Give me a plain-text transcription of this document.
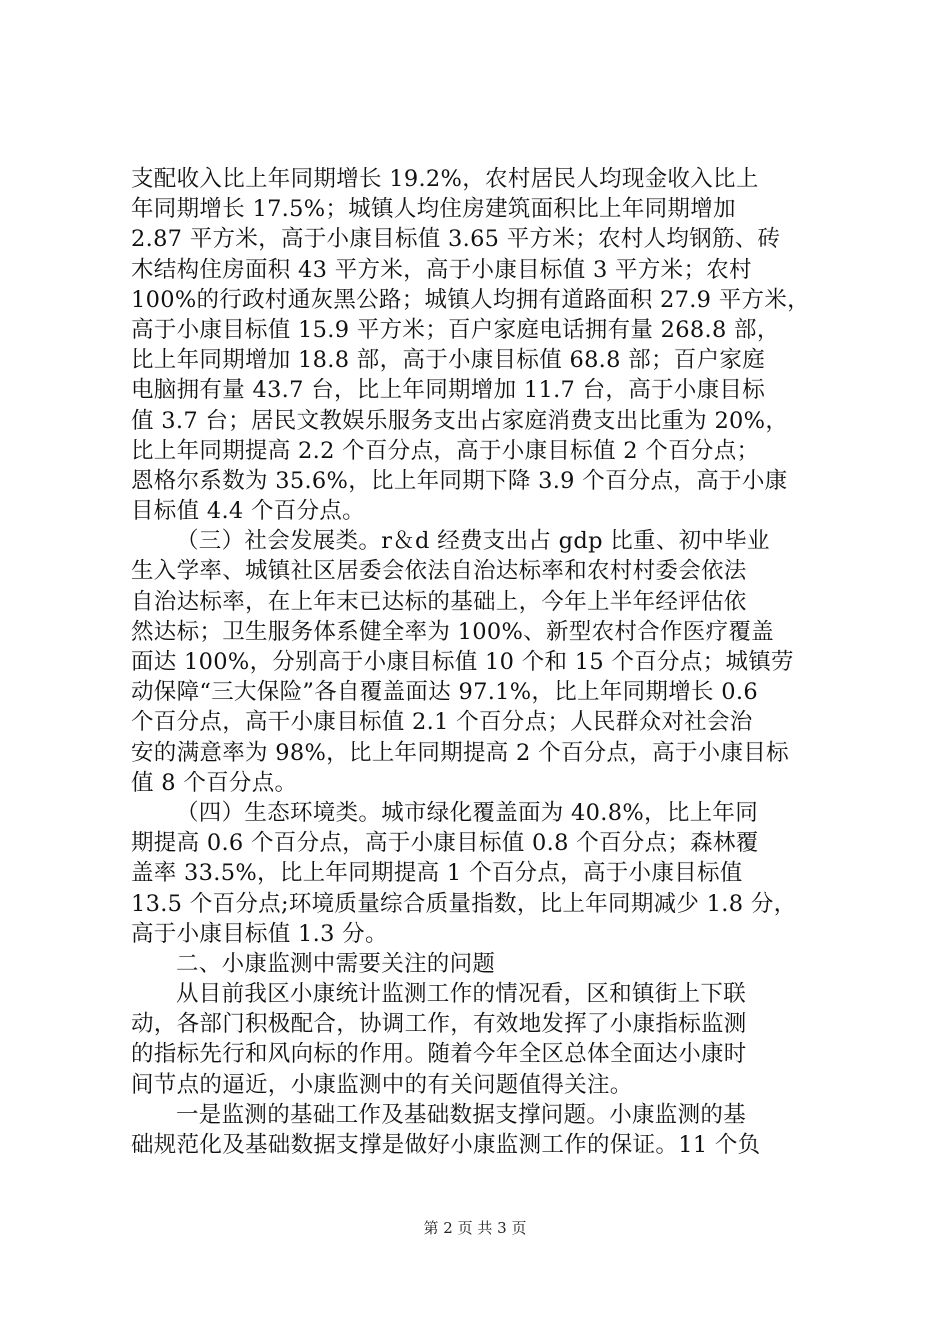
支配收入比上年同期增长 19.2%，农村居民人均现金收入比上
年同期增长 17.5%；城镇人均住房建筑面积比上年同期增加
2.87 平方米，高于小康目标值 3.65 平方米；农村人均钢筋、砖
木结构住房面积 43 平方米，高于小康目标值 3 平方米；农村
100%的行政村通灰黑公路；城镇人均拥有道路面积 27.9 平方米，
高于小康目标值 15.9 平方米；百户家庭电话拥有量 268.8 部，
比上年同期增加 18.8 部，高于小康目标值 68.8 部；百户家庭
电脑拥有量 43.7 台，比上年同期增加 11.7 台，高于小康目标
值 3.7 台；居民文教娱乐服务支出占家庭消费支出比重为 20%，
比上年同期提高 2.2 个百分点，高于小康目标值 2 个百分点；
恩格尔系数为 35.6%，比上年同期下降 3.9 个百分点，高于小康
目标值 4.4 个百分点。
（三）社会发展类。r＆d 经费支出占 gdp 比重、初中毕业
生入学率、城镇社区居委会依法自治达标率和农村村委会依法
自治达标率，在上年末已达标的基础上，今年上半年经评估依
然达标；卫生服务体系健全率为 100%、新型农村合作医疗覆盖
面达 100%，分别高于小康目标值 10 个和 15 个百分点；城镇劳
动保障“三大保险”各自覆盖面达 97.1%，比上年同期增长 0.6
个百分点，高干小康目标值 2.1 个百分点；人民群众对社会治
安的满意率为 98%，比上年同期提高 2 个百分点，高于小康目标
值 8 个百分点。
（四）生态环境类。城市绿化覆盖面为 40.8%，比上年同
期提高 0.6 个百分点，高于小康目标值 0.8 个百分点；森林覆
盖率 33.5%，比上年同期提高 1 个百分点，高于小康目标值
13.5 个百分点;环境质量综合质量指数，比上年同期减少 1.8 分，
高于小康目标值 1.3 分。
二、小康监测中需要关注的问题
从目前我区小康统计监测工作的情况看，区和镇街上下联
动，各部门积极配合，协调工作，有效地发挥了小康指标监测
的指标先行和风向标的作用。随着今年全区总体全面达小康时
间节点的逼近，小康监测中的有关问题值得关注。
一是监测的基础工作及基础数据支撑问题。小康监测的基
础规范化及基础数据支撑是做好小康监测工作的保证。11 个负
第 2 页 共 3 页
